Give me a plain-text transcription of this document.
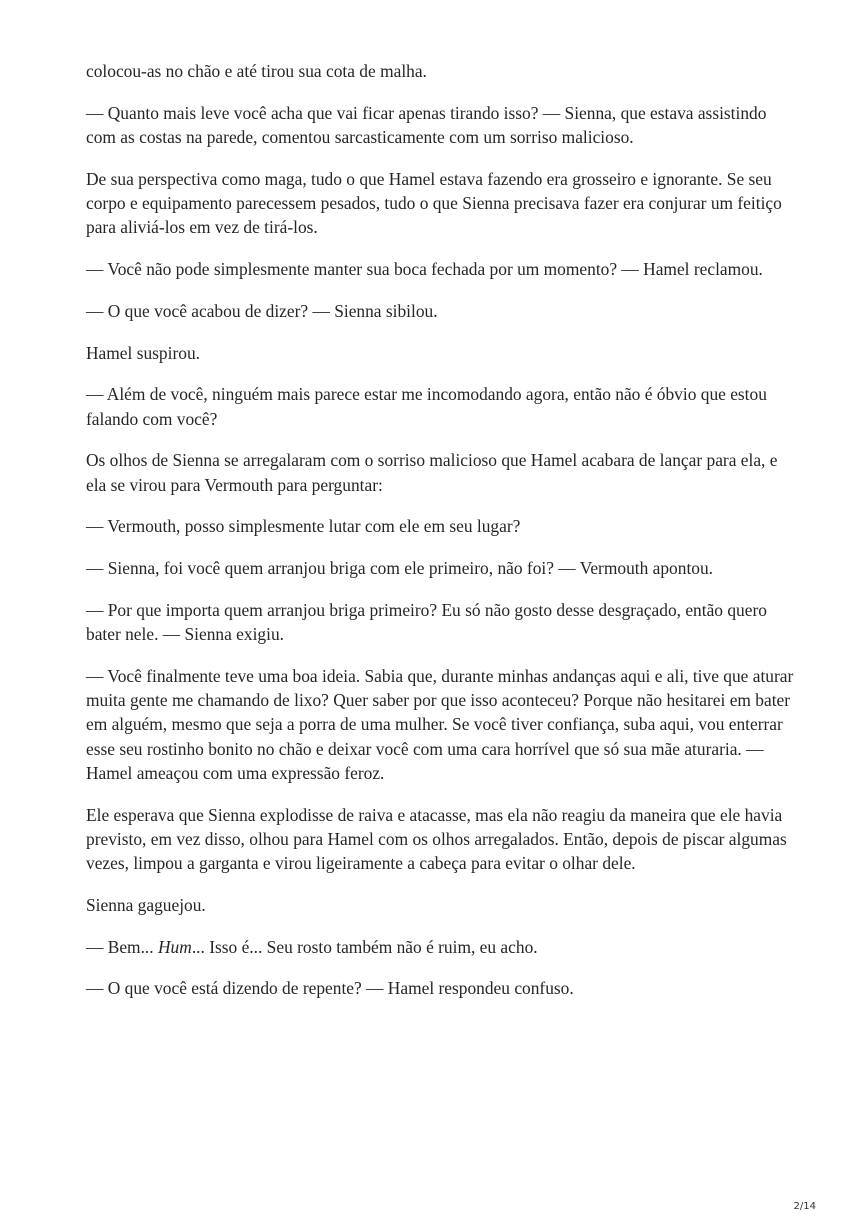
colocou-as no chão e até tirou sua cota de malha.

— Quanto mais leve você acha que vai ficar apenas tirando isso? — Sienna, que estava assistindo com as costas na parede, comentou sarcasticamente com um sorriso malicioso.

De sua perspectiva como maga, tudo o que Hamel estava fazendo era grosseiro e ignorante. Se seu corpo e equipamento parecessem pesados, tudo o que Sienna precisava fazer era conjurar um feitiço para aliviá-los em vez de tirá-los.

— Você não pode simplesmente manter sua boca fechada por um momento? — Hamel reclamou.

— O que você acabou de dizer? — Sienna sibilou.

Hamel suspirou.

— Além de você, ninguém mais parece estar me incomodando agora, então não é óbvio que estou falando com você?

Os olhos de Sienna se arregalaram com o sorriso malicioso que Hamel acabara de lançar para ela, e ela se virou para Vermouth para perguntar:

— Vermouth, posso simplesmente lutar com ele em seu lugar?

— Sienna, foi você quem arranjou briga com ele primeiro, não foi? — Vermouth apontou.

— Por que importa quem arranjou briga primeiro? Eu só não gosto desse desgraçado, então quero bater nele. — Sienna exigiu.

— Você finalmente teve uma boa ideia. Sabia que, durante minhas andanças aqui e ali, tive que aturar muita gente me chamando de lixo? Quer saber por que isso aconteceu? Porque não hesitarei em bater em alguém, mesmo que seja a porra de uma mulher. Se você tiver confiança, suba aqui, vou enterrar esse seu rostinho bonito no chão e deixar você com uma cara horrível que só sua mãe aturaria. — Hamel ameaçou com uma expressão feroz.

Ele esperava que Sienna explodisse de raiva e atacasse, mas ela não reagiu da maneira que ele havia previsto, em vez disso, olhou para Hamel com os olhos arregalados. Então, depois de piscar algumas vezes, limpou a garganta e virou ligeiramente a cabeça para evitar o olhar dele.

Sienna gaguejou.

— Bem... Hum... Isso é... Seu rosto também não é ruim, eu acho.

— O que você está dizendo de repente? — Hamel respondeu confuso.

2/14
